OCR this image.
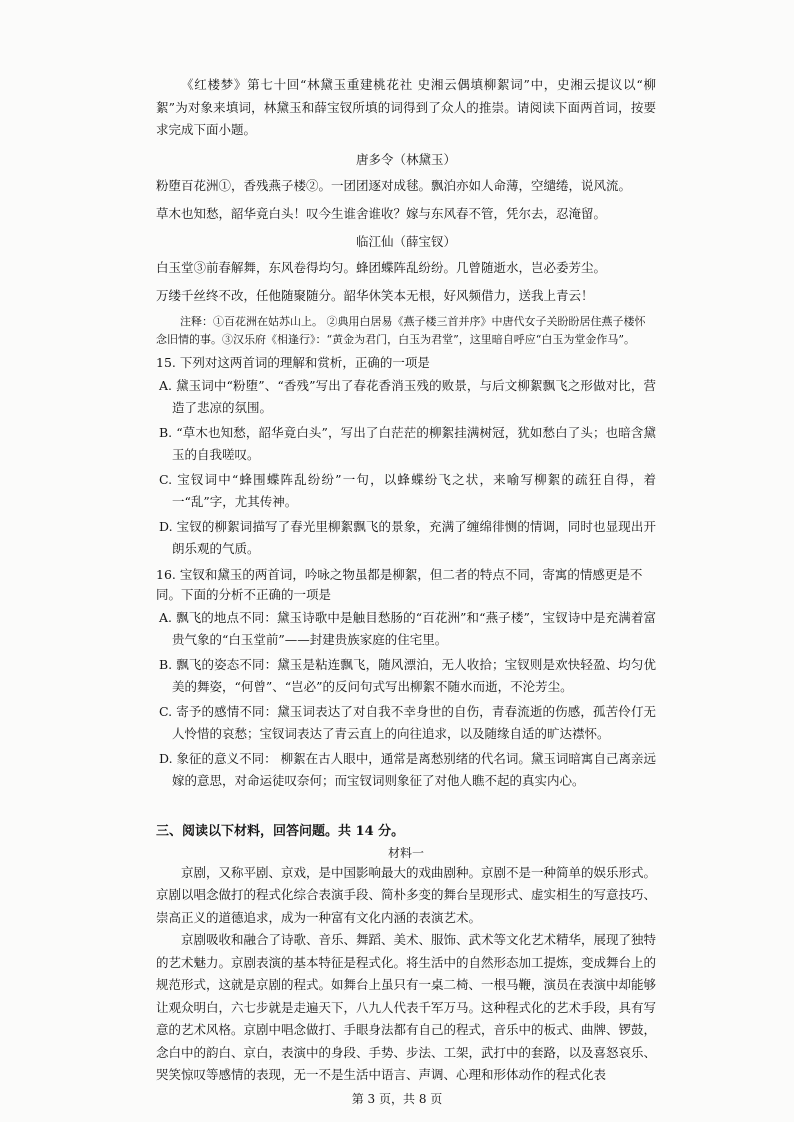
《红楼梦》第七十回“林黛玉重建桃花社 史湘云偶填柳絮词”中，史湘云提议以“柳絮”为对象来填词，林黛玉和薛宝钗所填的词得到了众人的推崇。请阅读下面两首词，按要求完成下面小题。

唐多令（林黛玉）

粉堕百花洲①，香残燕子楼②。一团团逐对成毬。飘泊亦如人命薄，空缱绻，说风流。

草木也知愁，韶华竟白头！叹今生谁舍谁收？嫁与东风春不管，凭尔去，忍淹留。

临江仙（薛宝钗）

白玉堂③前春解舞，东风卷得均匀。蜂团蝶阵乱纷纷。几曾随逝水，岂必委芳尘。

万缕千丝终不改，任他随聚随分。韶华休笑本无根，好风频借力，送我上青云！

注释：①百花洲在姑苏山上。 ②典用白居易《燕子楼三首并序》中唐代女子关盼盼居住燕子楼怀念旧情的事。③汉乐府《相逢行》：“黄金为君门，白玉为君堂”，这里暗自呼应“白玉为堂金作马”。

15. 下列对这两首词的理解和赏析，正确的一项是

A. 黛玉词中“粉堕”、“香残”写出了春花香消玉残的败景，与后文柳絮飘飞之形做对比，营造了悲凉的氛围。

B. “草木也知愁，韶华竟白头”，写出了白茫茫的柳絮挂满树冠，犹如愁白了头；也暗含黛玉的自我嗟叹。

C. 宝钗词中“蜂围蝶阵乱纷纷”一句，以蜂蝶纷飞之状，来喻写柳絮的疏狂自得，着一“乱”字，尤其传神。

D. 宝钗的柳絮词描写了春光里柳絮飘飞的景象，充满了缠绵徘恻的情调，同时也显现出开朗乐观的气质。

16. 宝钗和黛玉的两首词，吟咏之物虽都是柳絮，但二者的特点不同，寄寓的情感更是不同。下面的分析不正确的一项是

A. 飘飞的地点不同：黛玉诗歌中是触目愁肠的“百花洲”和“燕子楼”，宝钗诗中是充满着富贵气象的“白玉堂前”——封建贵族家庭的住宅里。

B. 飘飞的姿态不同：黛玉是粘连飘飞，随风漂泊，无人收拾；宝钗则是欢快轻盈、均匀优美的舞姿，“何曾”、“岂必”的反问句式写出柳絮不随水而逝，不沦芳尘。

C. 寄予的感情不同：黛玉词表达了对自我不幸身世的自伤，青春流逝的伤感，孤苦伶仃无人怜惜的哀愁；宝钗词表达了青云直上的向往追求，以及随缘自适的旷达襟怀。

D. 象征的意义不同： 柳絮在古人眼中，通常是离愁别绪的代名词。黛玉词暗寓自己离亲远嫁的意思，对命运徒叹奈何；而宝钗词则象征了对他人瞧不起的真实内心。

三、阅读以下材料，回答问题。共 14 分。

材料一

京剧，又称平剧、京戏，是中国影响最大的戏曲剧种。京剧不是一种简单的娱乐形式。京剧以唱念做打的程式化综合表演手段、简朴多变的舞台呈现形式、虚实相生的写意技巧、崇高正义的道德追求，成为一种富有文化内涵的表演艺术。

京剧吸收和融合了诗歌、音乐、舞蹈、美术、服饰、武术等文化艺术精华，展现了独特的艺术魅力。京剧表演的基本特征是程式化。将生活中的自然形态加工提炼，变成舞台上的规范形式，这就是京剧的程式。如舞台上虽只有一桌二椅、一根马鞭，演员在表演中却能够让观众明白，六七步就是走遍天下，八九人代表千军万马。这种程式化的艺术手段，具有写意的艺术风格。京剧中唱念做打、手眼身法都有自己的程式，音乐中的板式、曲牌、锣鼓，念白中的韵白、京白，表演中的身段、手势、步法、工架，武打中的套路，以及喜怒哀乐、哭笑惊叹等感情的表现，无一不是生活中语言、声调、心理和形体动作的程式化表

第 3 页，共 8 页
